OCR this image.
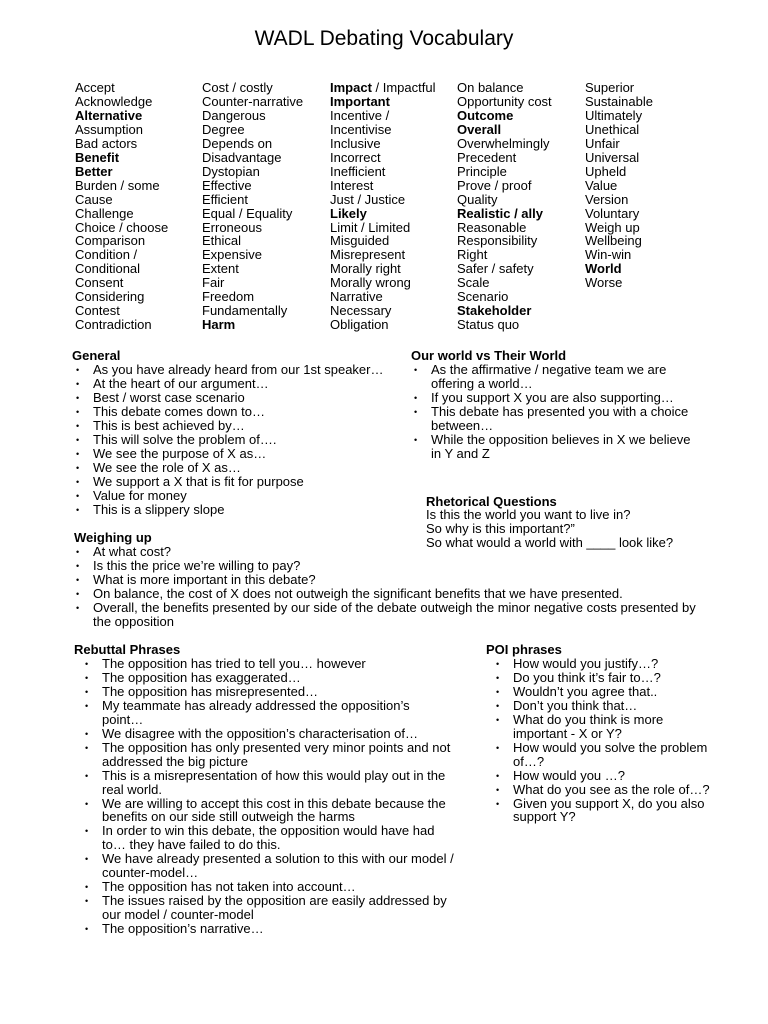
WADL Debating Vocabulary
Accept
Acknowledge
Alternative
Assumption
Bad actors
Benefit
Better
Burden / some
Cause
Challenge
Choice / choose
Comparison
Condition /
Conditional
Consent
Considering
Contest
Contradiction
Cost / costly
Counter-narrative
Dangerous
Degree
Depends on
Disadvantage
Dystopian
Effective
Efficient
Equal / Equality
Erroneous
Ethical
Expensive
Extent
Fair
Freedom
Fundamentally
Harm
Impact / Impactful
Important
Incentive /
Incentivise
Inclusive
Incorrect
Inefficient
Interest
Just / Justice
Likely
Limit / Limited
Misguided
Misrepresent
Morally right
Morally wrong
Narrative
Necessary
Obligation
On balance
Opportunity cost
Outcome
Overall
Overwhelmingly
Precedent
Principle
Prove / proof
Quality
Realistic / ally
Reasonable
Responsibility
Right
Safer / safety
Scale
Scenario
Stakeholder
Status quo
Superior
Sustainable
Ultimately
Unethical
Unfair
Universal
Upheld
Value
Version
Voluntary
Weigh up
Wellbeing
Win-win
World
Worse
General
• As you have already heard from our 1st speaker…
• At the heart of our argument…
• Best / worst case scenario
• This debate comes down to…
• This is best achieved by…
• This will solve the problem of….
• We see the purpose of X as…
• We see the role of X as…
• We support a X that is fit for purpose
• Value for money
• This is a slippery slope
Our world vs Their World
• As the affirmative / negative team we are offering a world…
• If you support X you are also supporting…
• This debate has presented you with a choice between…
• While the opposition believes in X we believe in Y and Z
Rhetorical Questions
Is this the world you want to live in?
So why is this important?”
So what would a world with ____ look like?
Weighing up
• At what cost?
• Is this the price we’re willing to pay?
• What is more important in this debate?
• On balance, the cost of X does not outweigh the significant benefits that we have presented.
• Overall, the benefits presented by our side of the debate outweigh the minor negative costs presented by the opposition
Rebuttal Phrases
• The opposition has tried to tell you… however
• The opposition has exaggerated…
• The opposition has misrepresented…
• My teammate has already addressed the opposition’s point…
• We disagree with the opposition’s characterisation of…
• The opposition has only presented very minor points and not addressed the big picture
• This is a misrepresentation of how this would play out in the real world.
• We are willing to accept this cost in this debate because the benefits on our side still outweigh the harms
• In order to win this debate, the opposition would have had to… they have failed to do this.
• We have already presented a solution to this with our model / counter-model…
• The opposition has not taken into account…
• The issues raised by the opposition are easily addressed by our model / counter-model
• The opposition’s narrative…
POI phrases
• How would you justify…?
• Do you think it’s fair to…?
• Wouldn’t you agree that..
• Don’t you think that…
• What do you think is more important - X or Y?
• How would you solve the problem of…?
• How would you …?
• What do you see as the role of…?
• Given you support X, do you also support Y?
